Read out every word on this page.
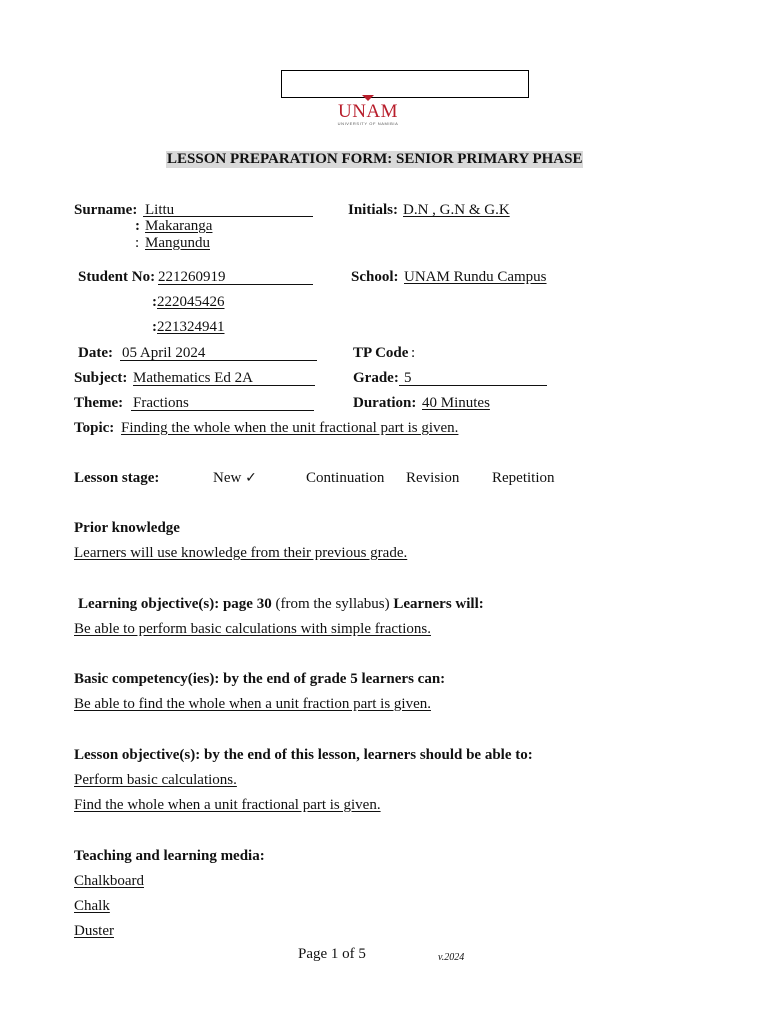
UNAM
UNIVERSITY OF NAMIBIA
LESSON PREPARATION FORM: SENIOR PRIMARY PHASE
Surname: Littu
: Makaranga
: Mangundu
Initials: D.N , G.N & G.K
Student No: 221260919
: 222045426
: 221324941
School: UNAM Rundu Campus
Date: 05 April 2024	TP Code :
Subject: Mathematics Ed 2A	Grade: 5
Theme: Fractions	Duration: 40 Minutes
Topic: Finding the whole when the unit fractional part is given.
Lesson stage:	New ✓	Continuation Revision Repetition
Prior knowledge
Learners will use knowledge from their previous grade.
Learning objective(s): page 30 (from the syllabus) Learners will:
Be able to perform basic calculations with simple fractions.
Basic competency(ies): by the end of grade 5 learners can:
Be able to find the whole when a unit fraction part is given.
Lesson objective(s): by the end of this lesson, learners should be able to:
Perform basic calculations.
Find the whole when a unit fractional part is given.
Teaching and learning media:
Chalkboard
Chalk
Duster
Page 1 of 5	v.2024
